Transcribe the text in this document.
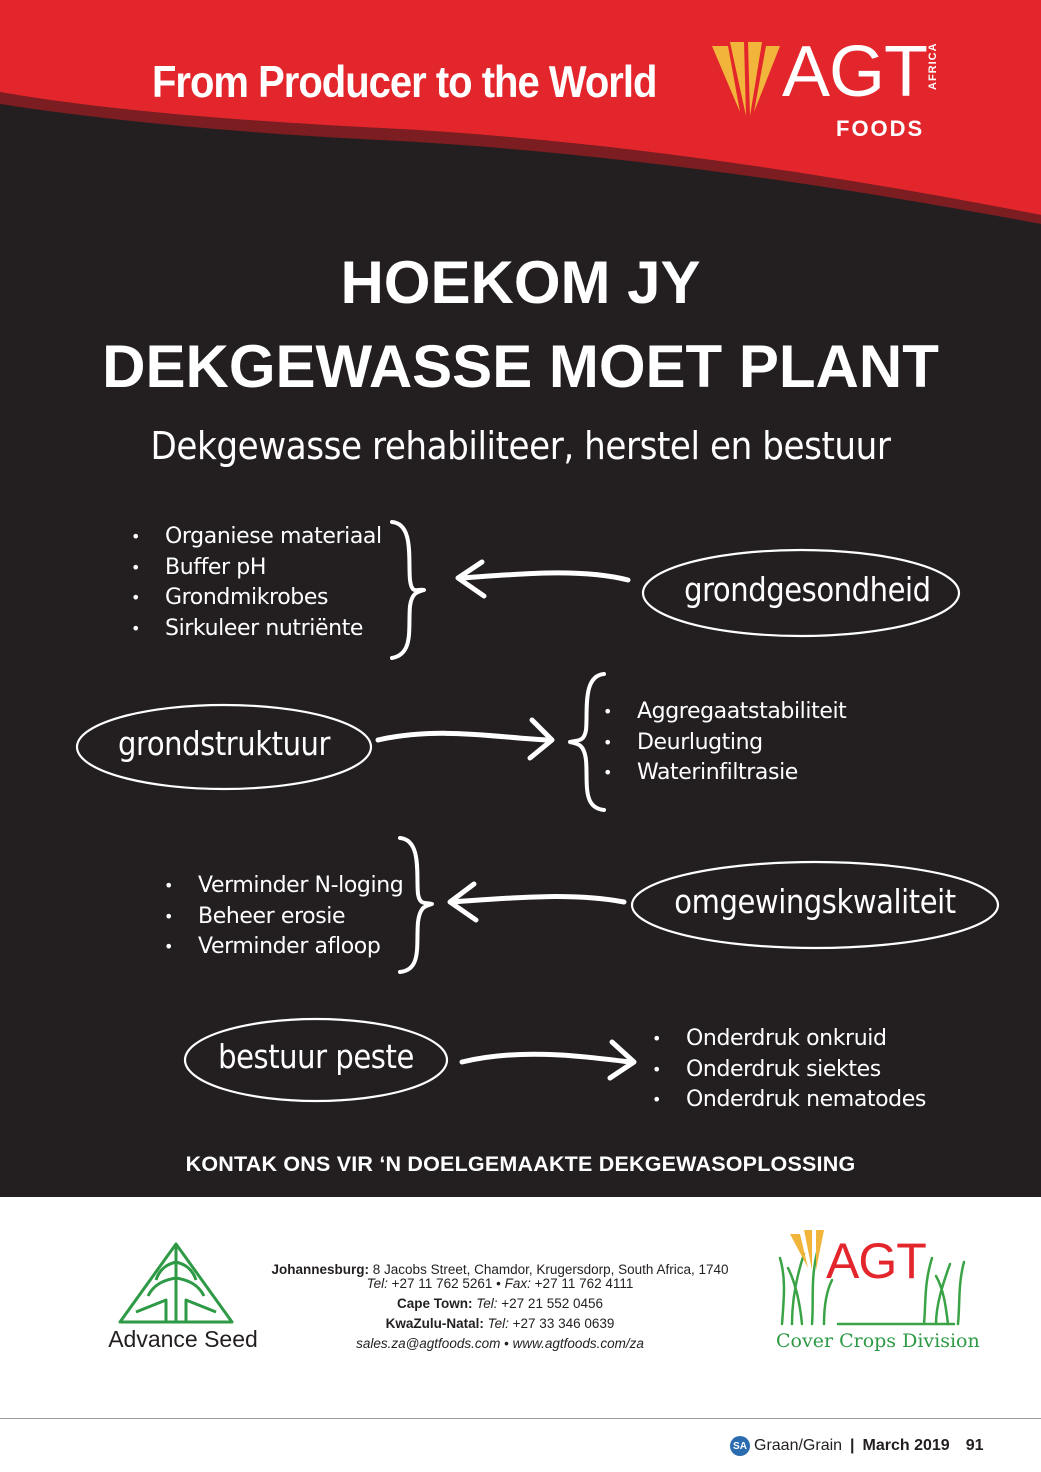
From Producer to the World	AGT
FOODS
AFRICA
HOEKOM JY
DEKGEWASSE MOET PLANT
Dekgewasse rehabiliteer, herstel en bestuur
grondgesondheid
• Organiese materiaal
• Buffer pH
• Grondmikrobes
• Sirkuleer nutriënte
grondstruktuur
• Aggregaatstabiliteit
• Deurlugting
• Waterinfiltrasie
omgewingskwaliteit
• Verminder N-loging
• Beheer erosie
• Verminder afloop
bestuur peste
•	Onderdruk onkruid
• Onderdruk siektes
• Onderdruk nematodes
KONTAK ONS VIR ‘N DOELGEMAAKTE DEKGEWASOPLOSSING
Advance Seed
Johannesburg: 8 Jacobs Street, Chamdor, Krugersdorp, South Africa, 1740
Tel: +27 11 762 5261 • Fax: +27 11 762 4111
Cape Town: Tel: +27 21 552 0456
KwaZulu-Natal: Tel: +27 33 346 0639
sales.za@agtfoods.com • www.agtfoods.com/za
AGT
Cover Crops Division
SA Graan/Grain | March 2019 91
